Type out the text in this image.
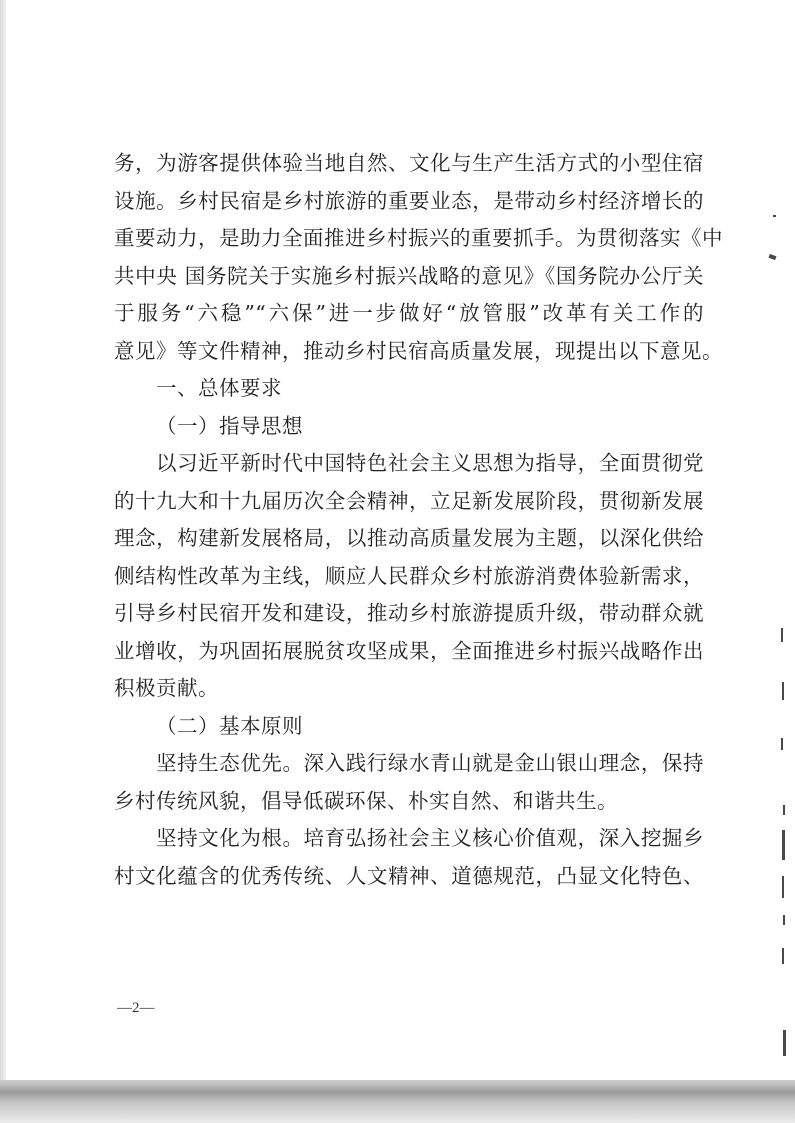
务，为游客提供体验当地自然、文化与生产生活方式的小型住宿
设施。乡村民宿是乡村旅游的重要业态，是带动乡村经济增长的
重要动力，是助力全面推进乡村振兴的重要抓手。为贯彻落实《中
共中央 国务院关于实施乡村振兴战略的意见》《国务院办公厅关
于服务“六稳”“六保”进一步做好“放管服”改革有关工作的
意见》等文件精神，推动乡村民宿高质量发展，现提出以下意见。
一、总体要求
（一）指导思想
以习近平新时代中国特色社会主义思想为指导，全面贯彻党
的十九大和十九届历次全会精神，立足新发展阶段，贯彻新发展
理念，构建新发展格局，以推动高质量发展为主题，以深化供给
侧结构性改革为主线，顺应人民群众乡村旅游消费体验新需求，
引导乡村民宿开发和建设，推动乡村旅游提质升级，带动群众就
业增收，为巩固拓展脱贫攻坚成果，全面推进乡村振兴战略作出
积极贡献。
（二）基本原则
坚持生态优先。深入践行绿水青山就是金山银山理念，保持
乡村传统风貌，倡导低碳环保、朴实自然、和谐共生。
坚持文化为根。培育弘扬社会主义核心价值观，深入挖掘乡
村文化蕴含的优秀传统、人文精神、道德规范，凸显文化特色、
—2—
